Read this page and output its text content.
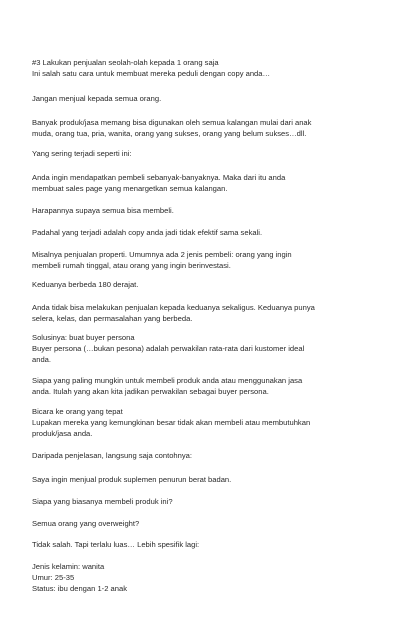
#3 Lakukan penjualan seolah-olah kepada 1 orang saja
Ini salah satu cara untuk membuat mereka peduli dengan copy anda…
Jangan menjual kepada semua orang.
Banyak produk/jasa memang bisa digunakan oleh semua kalangan mulai dari anak
muda, orang tua, pria, wanita, orang yang sukses, orang yang belum sukses…dll.
Yang sering terjadi seperti ini:
Anda ingin mendapatkan pembeli sebanyak-banyaknya. Maka dari itu anda
membuat sales page yang menargetkan semua kalangan.
Harapannya supaya semua bisa membeli.
Padahal yang terjadi adalah copy anda jadi tidak efektif sama sekali.
Misalnya penjualan properti. Umumnya ada 2 jenis pembeli: orang yang ingin
membeli rumah tinggal, atau orang yang ingin berinvestasi.
Keduanya berbeda 180 derajat.
Anda tidak bisa melakukan penjualan kepada keduanya sekaligus. Keduanya punya
selera, kelas, dan permasalahan yang berbeda.
Solusinya: buat buyer persona
Buyer persona (…bukan pesona) adalah perwakilan rata-rata dari kustomer ideal
anda.
Siapa yang paling mungkin untuk membeli produk anda atau menggunakan jasa
anda. Itulah yang akan kita jadikan perwakilan sebagai buyer persona.
Bicara ke orang yang tepat
Lupakan mereka yang kemungkinan besar tidak akan membeli atau membutuhkan
produk/jasa anda.
Daripada penjelasan, langsung saja contohnya:
Saya ingin menjual produk suplemen penurun berat badan.
Siapa yang biasanya membeli produk ini?
Semua orang yang overweight?
Tidak salah. Tapi terlalu luas… Lebih spesifik lagi:
Jenis kelamin: wanita
Umur: 25-35
Status: ibu dengan 1-2 anak
